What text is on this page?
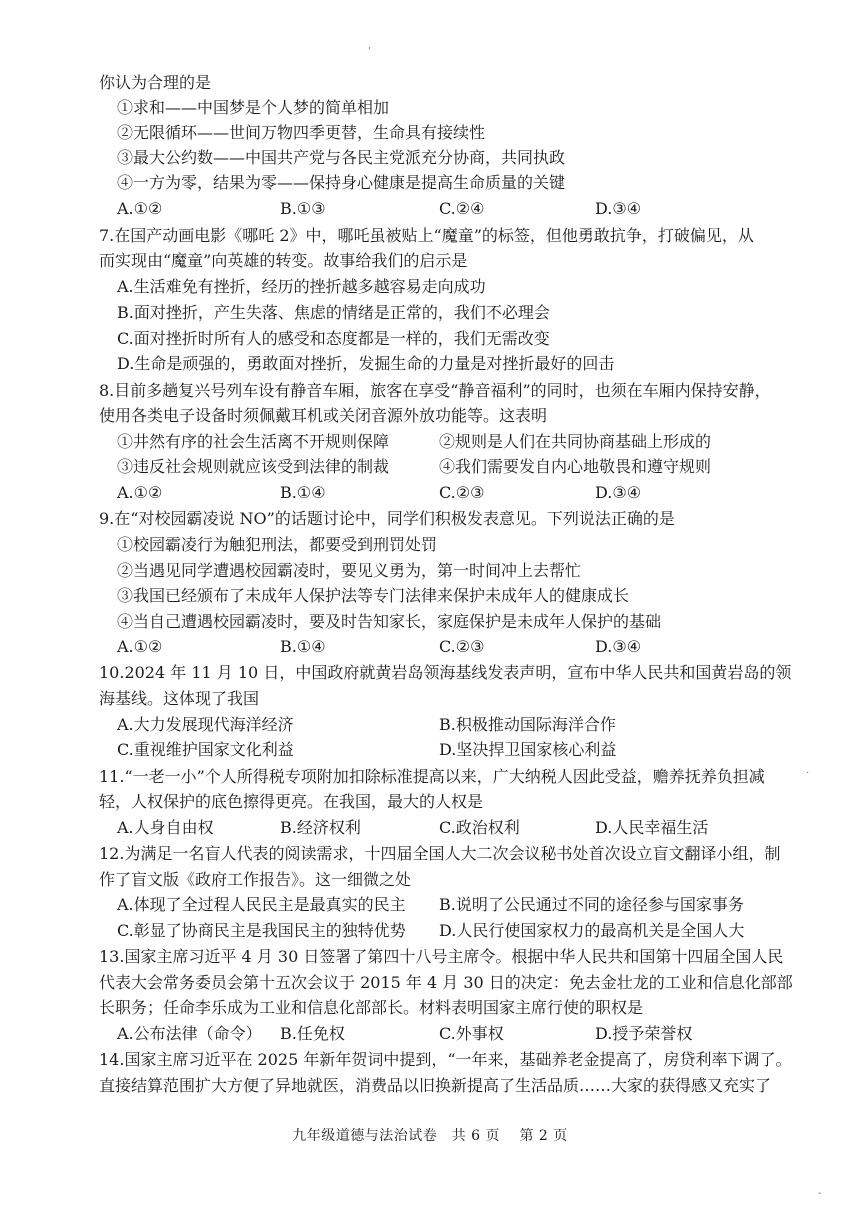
,
你认为合理的是
①求和——中国梦是个人梦的简单相加
②无限循环——世间万物四季更替，生命具有接续性
③最大公约数——中国共产党与各民主党派充分协商，共同执政
④一方为零，结果为零——保持身心健康是提高生命质量的关键
A.①②	B.①③	C.②④	D.③④
7.在国产动画电影《哪吒 2》中，哪吒虽被贴上“魔童”的标签，但他勇敢抗争，打破偏见，从
而实现由“魔童”向英雄的转变。故事给我们的启示是
A.生活难免有挫折，经历的挫折越多越容易走向成功
B.面对挫折，产生失落、焦虑的情绪是正常的，我们不必理会
C.面对挫折时所有人的感受和态度都是一样的，我们无需改变
D.生命是顽强的，勇敢面对挫折，发掘生命的力量是对挫折最好的回击
8.目前多趟复兴号列车设有静音车厢，旅客在享受“静音福利”的同时，也须在车厢内保持安静，
使用各类电子设备时须佩戴耳机或关闭音源外放功能等。这表明
①井然有序的社会生活离不开规则保障	②规则是人们在共同协商基础上形成的
③违反社会规则就应该受到法律的制裁	④我们需要发自内心地敬畏和遵守规则
A.①②	B.①④	C.②③	D.③④
9.在“对校园霸凌说 NO”的话题讨论中，同学们积极发表意见。下列说法正确的是
①校园霸凌行为触犯刑法，都要受到刑罚处罚
②当遇见同学遭遇校园霸凌时，要见义勇为，第一时间冲上去帮忙
③我国已经颁布了未成年人保护法等专门法律来保护未成年人的健康成长
④当自己遭遇校园霸凌时，要及时告知家长，家庭保护是未成年人保护的基础
A.①②	B.①④	C.②③	D.③④
10.2024 年 11 月 10 日，中国政府就黄岩岛领海基线发表声明，宣布中华人民共和国黄岩岛的领
海基线。这体现了我国
A.大力发展现代海洋经济	B.积极推动国际海洋合作
C.重视维护国家文化利益	D.坚决捍卫国家核心利益
11.“一老一小”个人所得税专项附加扣除标准提高以来，广大纳税人因此受益，赡养抚养负担减
轻，人权保护的底色擦得更亮。在我国，最大的人权是
A.人身自由权	B.经济权利	C.政治权利	D.人民幸福生活
12.为满足一名盲人代表的阅读需求，十四届全国人大二次会议秘书处首次设立盲文翻译小组，制
作了盲文版《政府工作报告》。这一细微之处
A.体现了全过程人民民主是最真实的民主 B.说明了公民通过不同的途径参与国家事务
C.彰显了协商民主是我国民主的独特优势 D.人民行使国家权力的最高机关是全国人大
13.国家主席习近平 4 月 30 日签署了第四十八号主席令。根据中华人民共和国第十四届全国人民
代表大会常务委员会第十五次会议于 2015 年 4 月 30 日的决定：免去金壮龙的工业和信息化部部
长职务；任命李乐成为工业和信息化部部长。材料表明国家主席行使的职权是
A.公布法律（命令） B.任免权	C.外事权	D.授予荣誉权
14.国家主席习近平在 2025 年新年贺词中提到，“一年来，基础养老金提高了，房贷利率下调了。
直接结算范围扩大方便了异地就医，消费品以旧换新提高了生活品质……大家的获得感又充实了
九年级道德与法治试卷　共 6 页　 第 2 页
·
-
